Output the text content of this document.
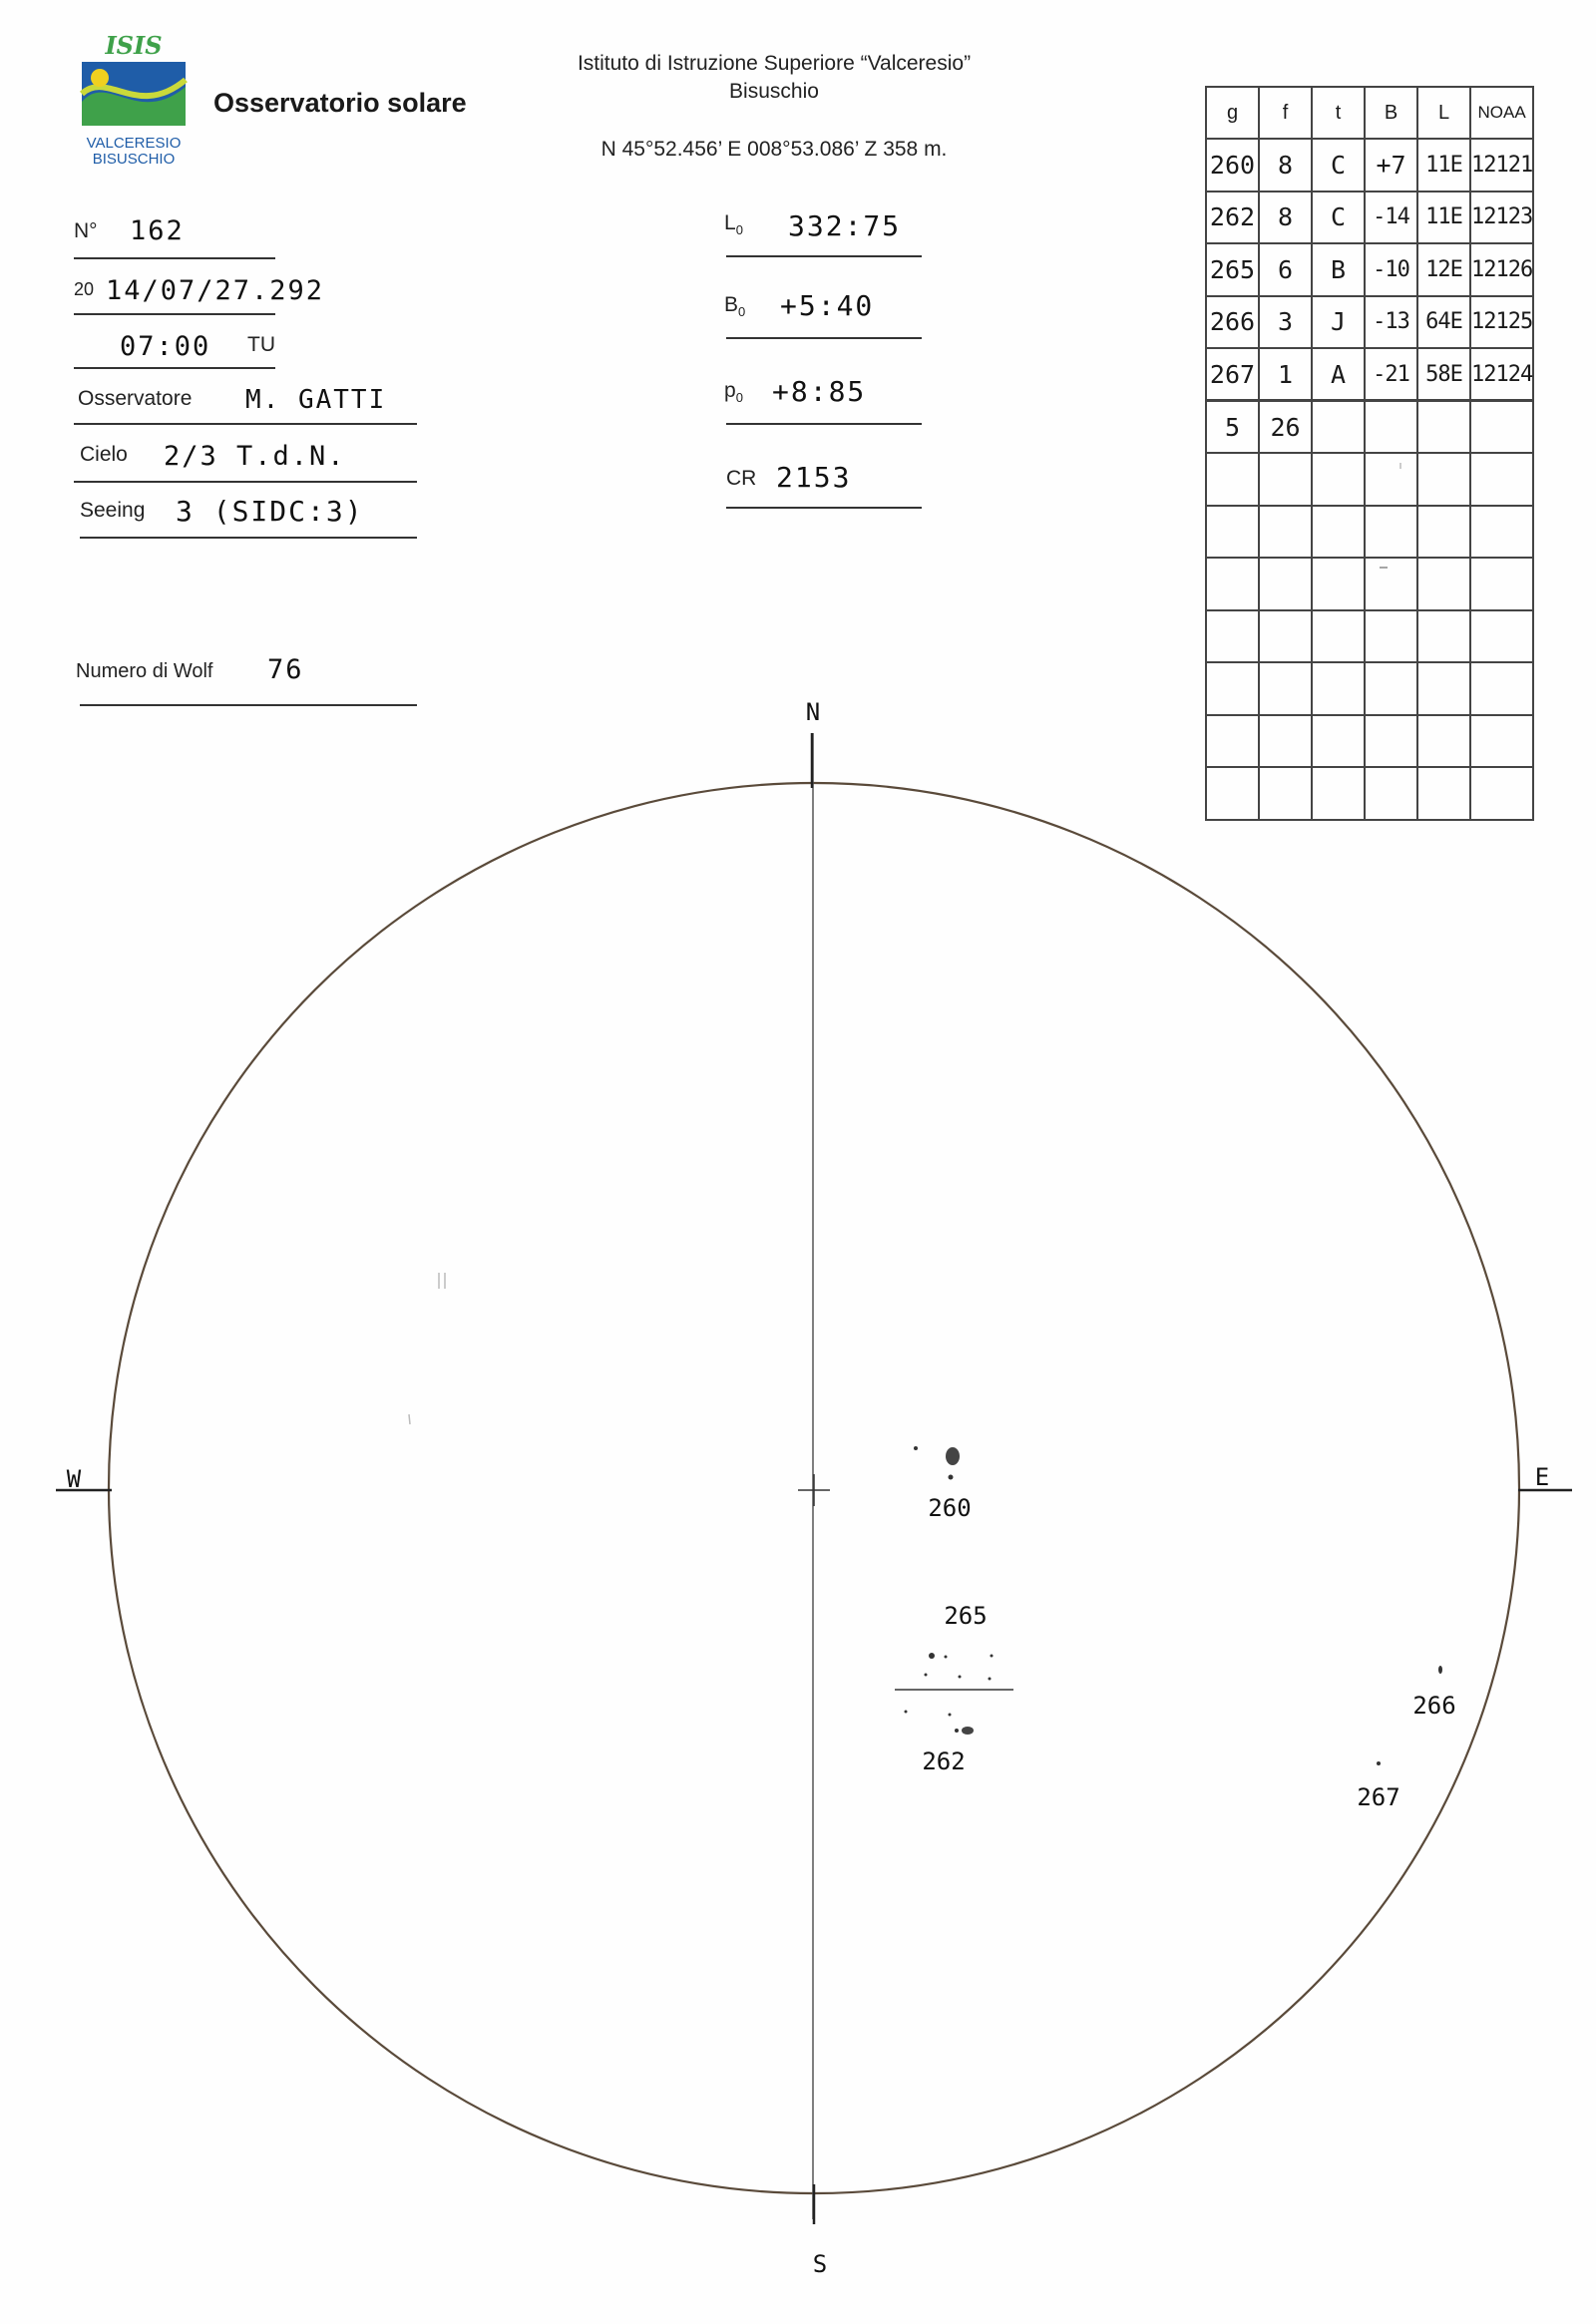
ISIS
VALCERESIO
BISUSCHIO
Osservatorio solare
Istituto di Istruzione Superiore “Valceresio”
Bisuschio
N 45°52.456’ E 008°53.086’ Z 358 m.
N° 162
20 14/07/27.292
07:00 TU
Osservatore M. GATTI
Cielo 2/3 T.d.N.
Seeing 3 (SIDC:3)
Numero di Wolf 76
$L_0$ 332:75
$B_0$ +5:40
$p_0$ +8:85
CR 2153
g	f	t	B	L	NOAA
260	8	C	+7	11E	12121
262	8	C	-14	11E	12123
265	6	B	-10	12E	12126
266	3	J	-13	64E	12125
267	1	A	-21	58E	12124
5	26				

N
S
E
W
260
265
262
266
267
